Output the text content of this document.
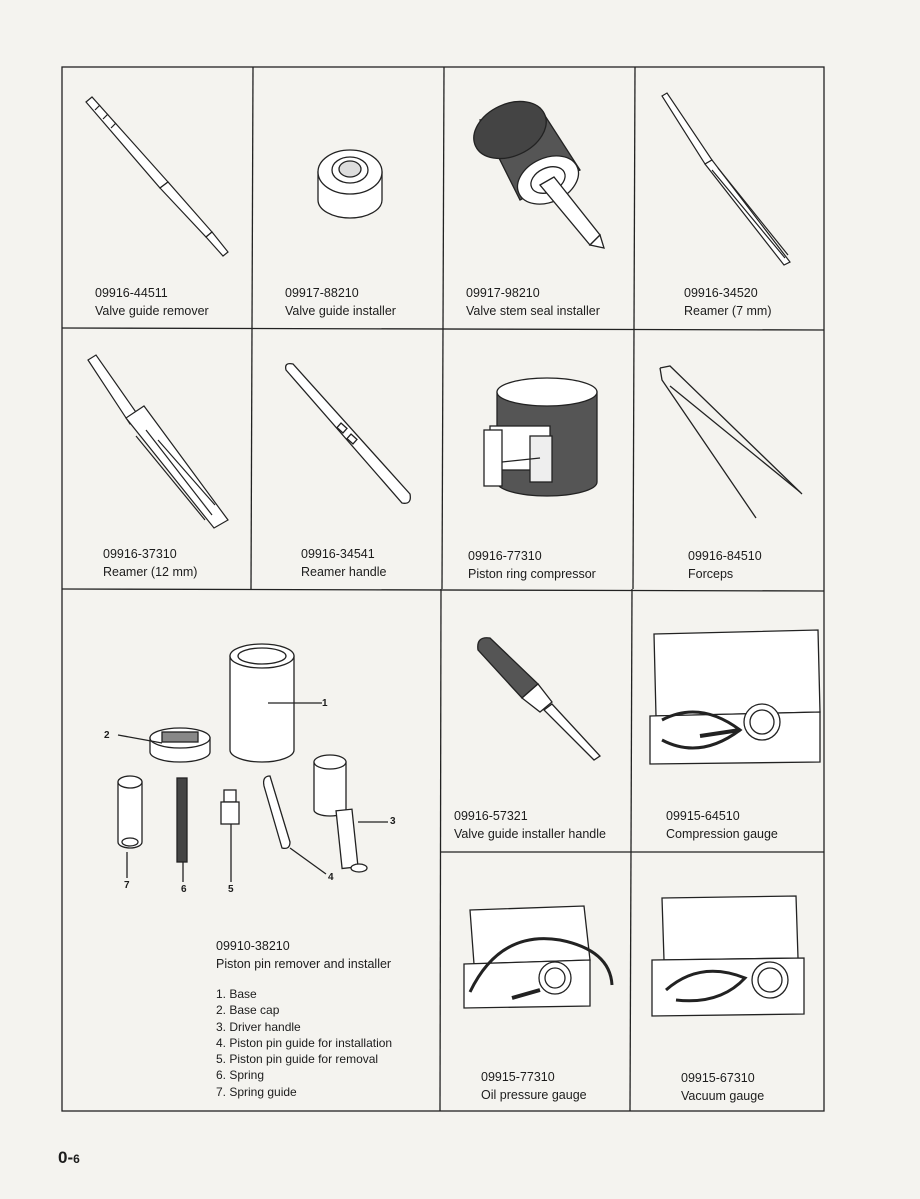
09916-44511
Valve guide remover
09917-88210
Valve guide installer
09917-98210
Valve stem seal installer
09916-34520
Reamer (7 mm)
09916-37310
Reamer (12 mm)
09916-34541
Reamer handle
09916-77310
Piston ring compressor
09916-84510
Forceps
1
2
3
4
5
6
7
09910-38210
Piston pin remover and installer
1. Base
2. Base cap
3. Driver handle
4. Piston pin guide for installation
5. Piston pin guide for removal
6. Spring
7. Spring guide
09916-57321
Valve guide installer handle
09915-64510
Compression gauge
09915-77310
Oil pressure gauge
09915-67310
Vacuum gauge
0-6
